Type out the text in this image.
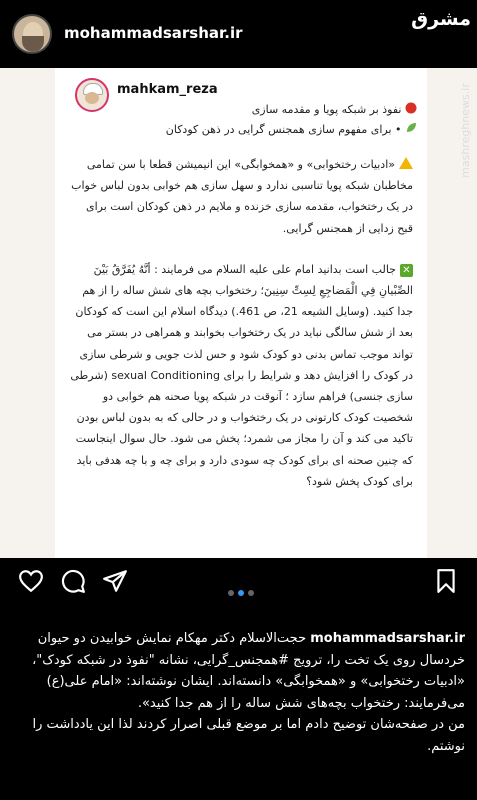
mohammadsarshar.ir
mahkam_reza
نفوذ بر شبکه پویا و مقدمه سازی
• برای مفهوم سازی همجنس گرایی در ذهن کودکان

«ادبیات رختخوابی» و «همخوابگی» این انیمیشن قطعا با سن تمامی مخاطبان شبکه پویا تناسبی ندارد و سهل سازی هم خوابی بدون لباس خواب در یک رختخواب، مقدمه سازی خزنده و ملایم در ذهن کودکان است برای قبح زدایی از همجنس گرایی.

✕جالب است بدانید امام علی علیه السلام می فرمایند : أنَّهُ يُفَرَّقُ بَيْنَ الصِّبْيانِ فِي الْمَضاجِعِ لِسِتِّ سِنِينَ؛ رختخواب بچه های شش ساله را از هم جدا کنید. (وسایل الشیعه 21، ص 461.) دیدگاه اسلام این است که کودکان بعد از شش سالگی نباید در یک رختخواب بخوابند و همراهی در بستر می تواند موجب تماس بدنی دو کودک شود و حس لذت جویی و شرطی سازی در کودک را افزایش دهد و شرایط را برای sexual Conditioning (شرطی سازی جنسی) فراهم سازد ؛ آنوقت در شبکه پویا صحنه هم خوابی دو شخصیت کودک کارتونی در یک رختخواب و در حالی که به بدون لباس بودن تاکید می کند و آن را مجاز می شمرد؛ پخش می شود. حال سوال اینجاست که چنین صحنه ای برای کودک چه سودی دارد و برای چه و با چه هدفی باید برای کودک پخش شود؟

مشرق
mashreghnews.ir
mohammadsarshar.ir حجت‌الاسلام دکتر مهکام نمایش خوابیدن دو حیوان خردسال روی یک تخت را، ترویج #همجنس_گرایی، نشانه "نفوذ در شبکه کودک"، «ادبیات رختخوابی» و «همخوابگی» دانسته‌اند. ایشان نوشته‌اند: «امام علی(ع) می‌فرمایند: رختخواب بچه‌های شش ساله را از هم جدا کنید».
من در صفحه‌شان توضیح دادم اما بر موضع قبلی اصرار کردند لذا این یادداشت را نوشتم.
